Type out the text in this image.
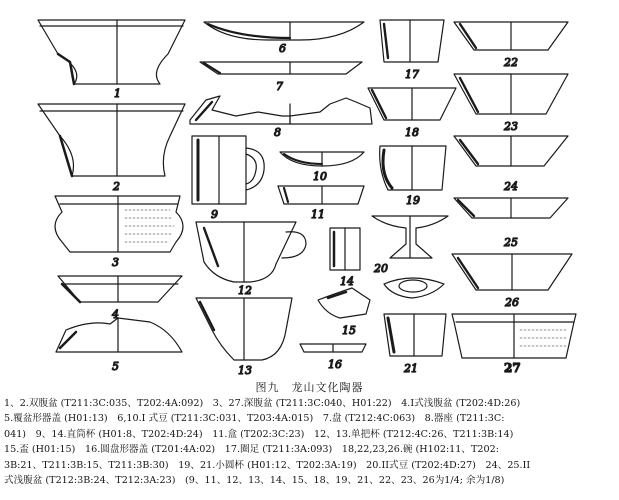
1
2
3
4
5
6
7
8
9
10
11
12
13
14
15
16
17
18
19
20
21
22
23
24
25
26
27
图九　龙山文化陶器
1、2.双腹盆 (T211:3C:035、T202:4A:092)　3、27.深腹盆 (T211:3C:040、H01:22)　4.I式浅腹盆 (T202:4D:26)
5.覆盆形器盖 (H01:13)　6,10.I 式豆 (T211:3C:031、T203:4A:015)　7.盘 (T212:4C:063)　8.器座 (T211:3C:
041)　9、14.直筒杯 (H01:8、T202:4D:24)　11.盒 (T202:3C:23)　12、13.单把杯 (T212:4C:26、T211:3B:14)
15.盃 (H01:15)　16.圆盘形器盖 (T201:4A:02)　17.圈足 (T211:3A:093)　18,22,23,26.碗 (H102:11、T202:
3B:21、T211:3B:15、T211:3B:30)　19、21.小圆杯 (H01:12、T202:3A:19)　20.II式豆 (T202:4D:27)　24、25.II
式浅腹盆 (T212:3B:24、T212:3A:23)　(9、11、12、13、14、15、18、19、21、22、23、26为1/4; 余为1/8)
